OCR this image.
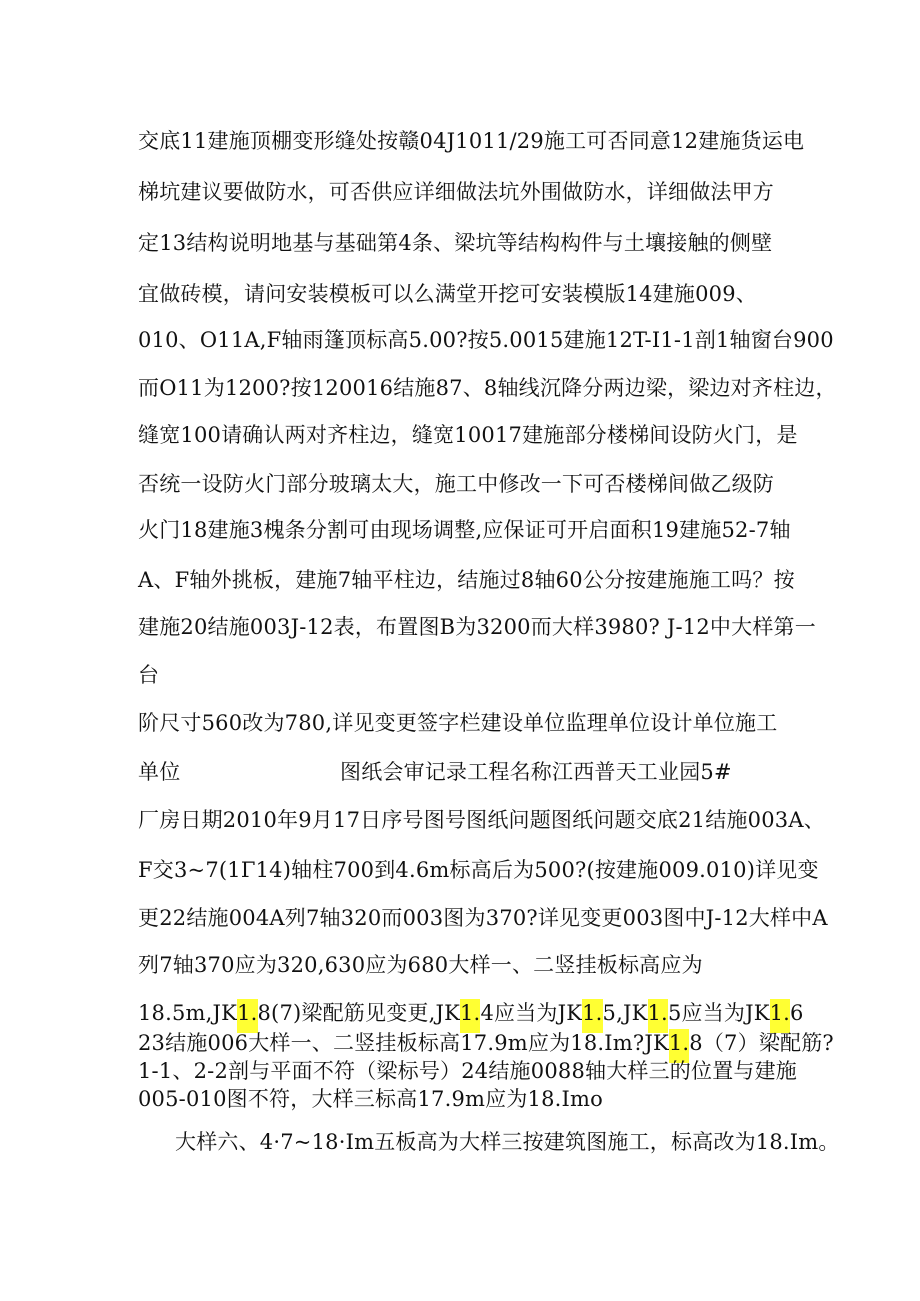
交底11建施顶棚变形缝处按赣04J1011/29施工可否同意12建施货运电
梯坑建议要做防水，可否供应详细做法坑外围做防水，详细做法甲方
定13结构说明地基与基础第4条、梁坑等结构构件与土壤接触的侧壁
宜做砖模，请问安装模板可以么满堂开挖可安装模版14建施009、
010、O11A,F轴雨篷顶标高5.00?按5.0015建施12T-I1-1剖1轴窗台900
而O11为1200?按120016结施87、8轴线沉降分两边梁，梁边对齐柱边，
缝宽100请确认两对齐柱边，缝宽10017建施部分楼梯间设防火门，是
否统一设防火门部分玻璃太大，施工中修改一下可否楼梯间做乙级防
火门18建施3槐条分割可由现场调整,应保证可开启面积19建施52-7轴
A、F轴外挑板，建施7轴平柱边，结施过8轴60公分按建施施工吗？按
建施20结施003J-12表，布置图B为3200而大样3980? J-12中大样第一
台
阶尺寸560改为780,详见变更签字栏建设单位监理单位设计单位施工
单位	图纸会审记录工程名称江西普天工业园5#
厂房日期2010年9月17日序号图号图纸问题图纸问题交底21结施003A、
F交3~7(1Γ14)轴柱700到4.6m标高后为500?(按建施009.010)详见变
更22结施004A列7轴320而003图为370?详见变更003图中J-12大样中A
列7轴370应为320,630应为680大样一、二竖挂板标高应为
18.5m,JK1.8(7)梁配筋见变更,JK1.4应当为JK1.5,JK1.5应当为JK1.6
23结施006大样一、二竖挂板标高17.9m应为18.Im?JK1.8（7）梁配筋?
1-1、2-2剖与平面不符（梁标号）24结施0088轴大样三的位置与建施
005-010图不符，大样三标高17.9m应为18.Imo
大样六、4·7~18·Im五板高为大样三按建筑图施工，标高改为18.Im。
